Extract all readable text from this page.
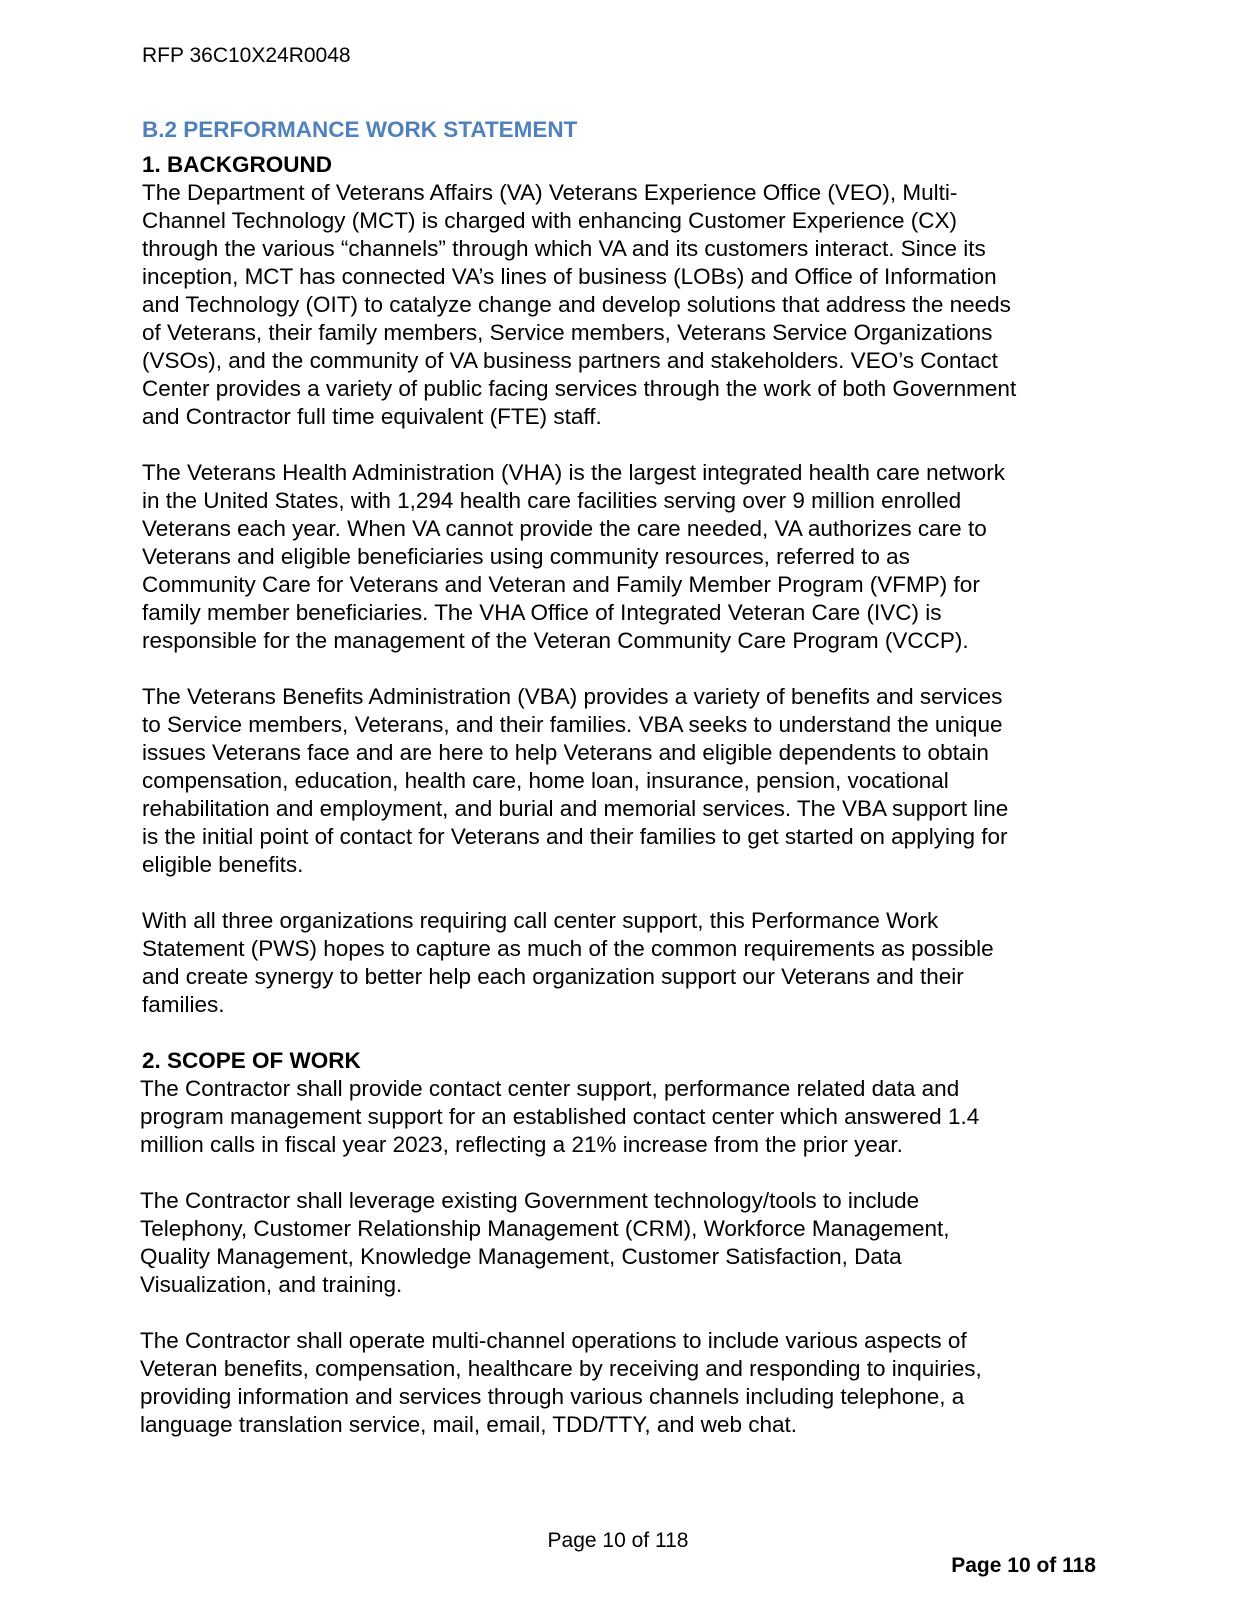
RFP 36C10X24R0048
B.2 PERFORMANCE WORK STATEMENT
1. BACKGROUND
The Department of Veterans Affairs (VA) Veterans Experience Office (VEO), Multi-
Channel Technology (MCT) is charged with enhancing Customer Experience (CX)
through the various “channels” through which VA and its customers interact. Since its
inception, MCT has connected VA’s lines of business (LOBs) and Office of Information
and Technology (OIT) to catalyze change and develop solutions that address the needs
of Veterans, their family members, Service members, Veterans Service Organizations
(VSOs), and the community of VA business partners and stakeholders. VEO’s Contact
Center provides a variety of public facing services through the work of both Government
and Contractor full time equivalent (FTE) staff.
The Veterans Health Administration (VHA) is the largest integrated health care network
in the United States, with 1,294 health care facilities serving over 9 million enrolled
Veterans each year. When VA cannot provide the care needed, VA authorizes care to
Veterans and eligible beneficiaries using community resources, referred to as
Community Care for Veterans and Veteran and Family Member Program (VFMP) for
family member beneficiaries. The VHA Office of Integrated Veteran Care (IVC) is
responsible for the management of the Veteran Community Care Program (VCCP).
The Veterans Benefits Administration (VBA) provides a variety of benefits and services
to Service members, Veterans, and their families. VBA seeks to understand the unique
issues Veterans face and are here to help Veterans and eligible dependents to obtain
compensation, education, health care, home loan, insurance, pension, vocational
rehabilitation and employment, and burial and memorial services. The VBA support line
is the initial point of contact for Veterans and their families to get started on applying for
eligible benefits.
With all three organizations requiring call center support, this Performance Work
Statement (PWS) hopes to capture as much of the common requirements as possible
and create synergy to better help each organization support our Veterans and their
families.
2. SCOPE OF WORK
The Contractor shall provide contact center support, performance related data and
program management support for an established contact center which answered 1.4
million calls in fiscal year 2023, reflecting a 21% increase from the prior year.
The Contractor shall leverage existing Government technology/tools to include
Telephony, Customer Relationship Management (CRM), Workforce Management,
Quality Management, Knowledge Management, Customer Satisfaction, Data
Visualization, and training.
The Contractor shall operate multi-channel operations to include various aspects of
Veteran benefits, compensation, healthcare by receiving and responding to inquiries,
providing information and services through various channels including telephone, a
language translation service, mail, email, TDD/TTY, and web chat.
Page 10 of 118
Page 10 of 118
